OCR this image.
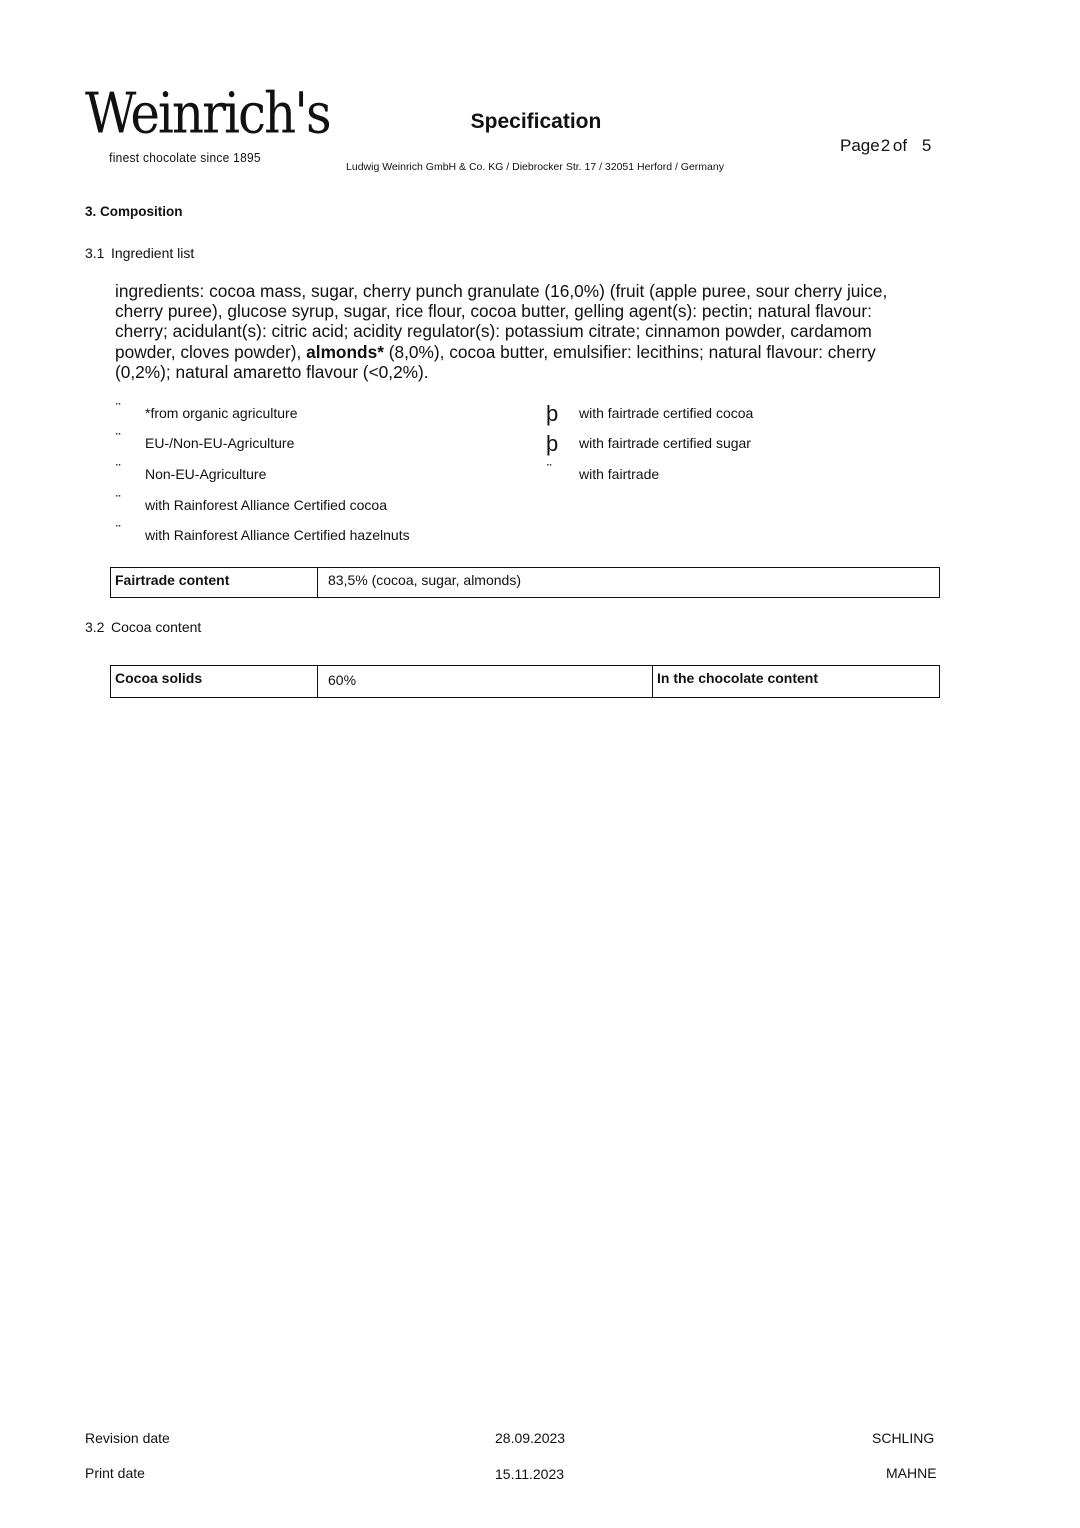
Weinrich's
finest chocolate since 1895
Specification
Page2 of 5
Ludwig Weinrich GmbH & Co. KG / Diebrocker Str. 17 / 32051 Herford / Germany
3. Composition
3.1 Ingredient list
ingredients: cocoa mass, sugar, cherry punch granulate (16,0%) (fruit (apple puree, sour cherry juice, cherry puree), glucose syrup, sugar, rice flour, cocoa butter, gelling agent(s): pectin; natural flavour: cherry; acidulant(s): citric acid; acidity regulator(s): potassium citrate; cinnamon powder, cardamom powder, cloves powder), almonds* (8,0%), cocoa butter, emulsifier: lecithins; natural flavour: cherry (0,2%); natural amaretto flavour (<0,2%).
¨ *from organic agriculture
¨ EU-/Non-EU-Agriculture
¨ Non-EU-Agriculture
¨ with Rainforest Alliance Certified cocoa
¨ with Rainforest Alliance Certified hazelnuts
þ with fairtrade certified cocoa
þ with fairtrade certified sugar
¨ with fairtrade
Fairtrade content	83,5% (cocoa, sugar, almonds)
3.2 Cocoa content
Cocoa solids	60%	In the chocolate content
Revision date	28.09.2023	SCHLING
Print date	15.11.2023	MAHNE
